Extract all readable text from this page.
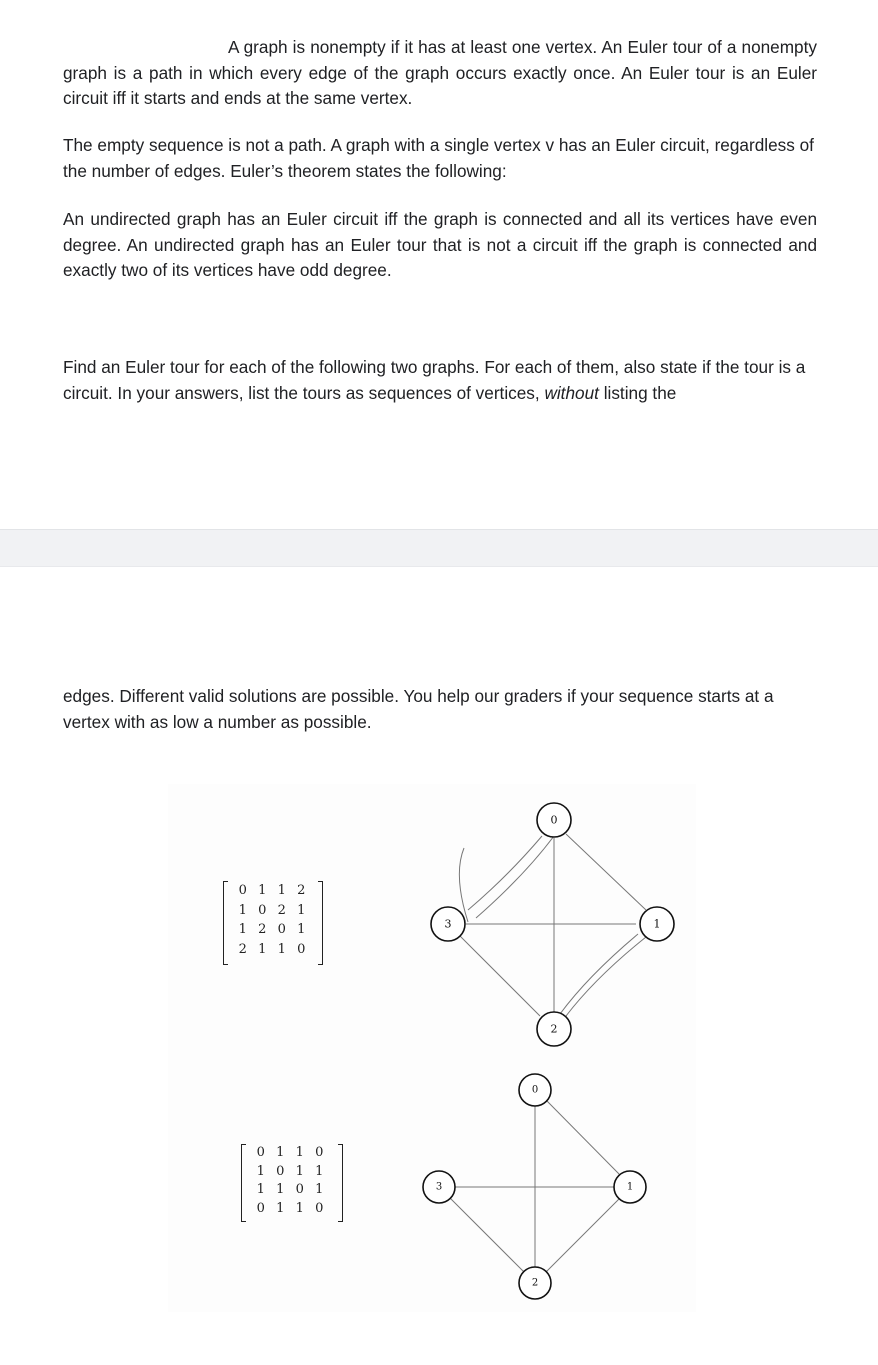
A graph is nonempty if it has at least one vertex. An Euler tour of a nonempty graph is a path in which every edge of the graph occurs exactly once. An Euler tour is an Euler circuit iff it starts and ends at the same vertex.

The empty sequence is not a path. A graph with a single vertex v has an Euler circuit, regardless of the number of edges. Euler’s theorem states the following:

An undirected graph has an Euler circuit iff the graph is connected and all its vertices have even degree. An undirected graph has an Euler tour that is not a circuit iff the graph is connected and exactly two of its vertices have odd degree.

Find an Euler tour for each of the following two graphs. For each of them, also state if the tour is a circuit. In your answers, list the tours as sequences of vertices, without listing the

edges. Different valid solutions are possible. You help our graders if your sequence starts at a vertex with as low a number as possible.

0 1 1 2
1 0 2 1
1 2 0 1
2 1 1 0
0 1 1 0
1 0 1 1
1 1 0 1
0 1 1 0
0
1
2
3
0
1
2
3
